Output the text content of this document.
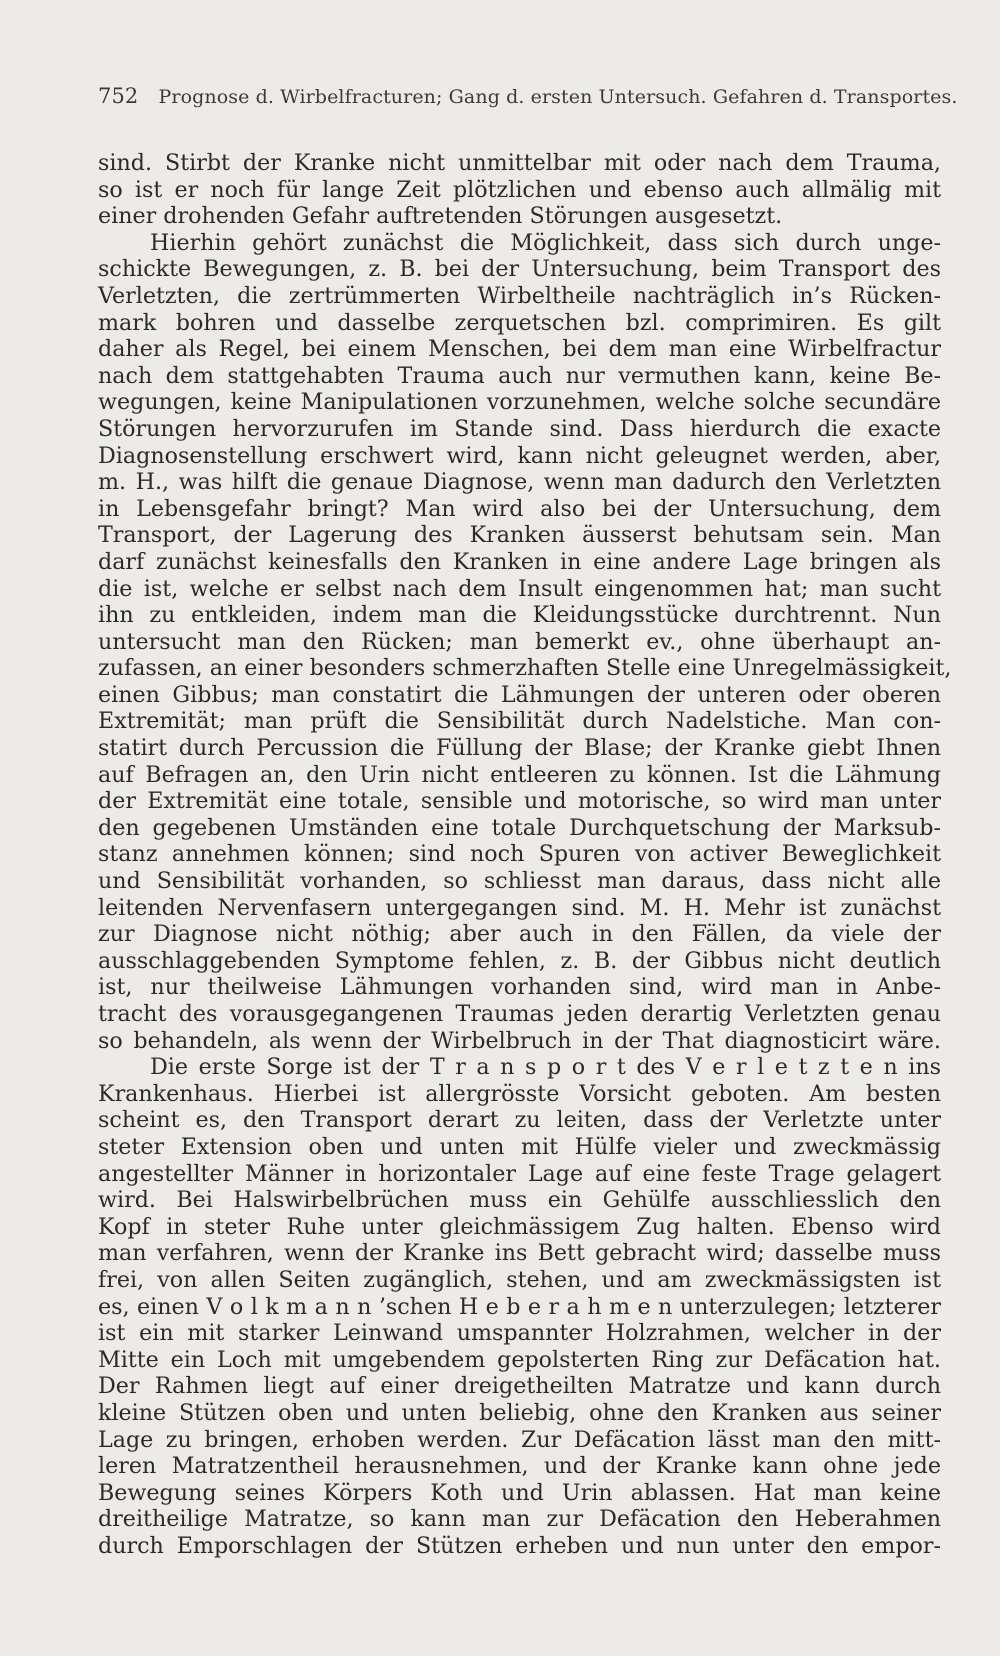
752 Prognose d. Wirbelfracturen; Gang d. ersten Untersuch. Gefahren d. Transportes.
sind. Stirbt der Kranke nicht unmittelbar mit oder nach dem Trauma,
so ist er noch für lange Zeit plötzlichen und ebenso auch allmälig mit
einer drohenden Gefahr auftretenden Störungen ausgesetzt.
Hierhin gehört zunächst die Möglichkeit, dass sich durch unge-
schickte Bewegungen, z. B. bei der Untersuchung, beim Transport des
Verletzten, die zertrümmerten Wirbeltheile nachträglich in’s Rücken-
mark bohren und dasselbe zerquetschen bzl. comprimiren. Es gilt
daher als Regel, bei einem Menschen, bei dem man eine Wirbelfractur
nach dem stattgehabten Trauma auch nur vermuthen kann, keine Be-
wegungen, keine Manipulationen vorzunehmen, welche solche secundäre
Störungen hervorzurufen im Stande sind. Dass hierdurch die exacte
Diagnosenstellung erschwert wird, kann nicht geleugnet werden, aber,
m. H., was hilft die genaue Diagnose, wenn man dadurch den Verletzten
in Lebensgefahr bringt? Man wird also bei der Untersuchung, dem
Transport, der Lagerung des Kranken äusserst behutsam sein. Man
darf zunächst keinesfalls den Kranken in eine andere Lage bringen als
die ist, welche er selbst nach dem Insult eingenommen hat; man sucht
ihn zu entkleiden, indem man die Kleidungsstücke durchtrennt. Nun
untersucht man den Rücken; man bemerkt ev., ohne überhaupt an-
zufassen, an einer besonders schmerzhaften Stelle eine Unregelmässigkeit,
einen Gibbus; man constatirt die Lähmungen der unteren oder oberen
Extremität; man prüft die Sensibilität durch Nadelstiche. Man con-
statirt durch Percussion die Füllung der Blase; der Kranke giebt Ihnen
auf Befragen an, den Urin nicht entleeren zu können. Ist die Lähmung
der Extremität eine totale, sensible und motorische, so wird man unter
den gegebenen Umständen eine totale Durchquetschung der Marksub-
stanz annehmen können; sind noch Spuren von activer Beweglichkeit
und Sensibilität vorhanden, so schliesst man daraus, dass nicht alle
leitenden Nervenfasern untergegangen sind. M. H. Mehr ist zunächst
zur Diagnose nicht nöthig; aber auch in den Fällen, da viele der
ausschlaggebenden Symptome fehlen, z. B. der Gibbus nicht deutlich
ist, nur theilweise Lähmungen vorhanden sind, wird man in Anbe-
tracht des vorausgegangenen Traumas jeden derartig Verletzten genau
so behandeln, als wenn der Wirbelbruch in der That diagnosticirt wäre.
Die erste Sorge ist der T r a n s p o r t des V e r l e t z t e n ins
Krankenhaus. Hierbei ist allergrösste Vorsicht geboten. Am besten
scheint es, den Transport derart zu leiten, dass der Verletzte unter
steter Extension oben und unten mit Hülfe vieler und zweckmässig
angestellter Männer in horizontaler Lage auf eine feste Trage gelagert
wird. Bei Halswirbelbrüchen muss ein Gehülfe ausschliesslich den
Kopf in steter Ruhe unter gleichmässigem Zug halten. Ebenso wird
man verfahren, wenn der Kranke ins Bett gebracht wird; dasselbe muss
frei, von allen Seiten zugänglich, stehen, und am zweckmässigsten ist
es, einen V o l k m a n n ’schen H e b e r a h m e n unterzulegen; letzterer
ist ein mit starker Leinwand umspannter Holzrahmen, welcher in der
Mitte ein Loch mit umgebendem gepolsterten Ring zur Defäcation hat.
Der Rahmen liegt auf einer dreigetheilten Matratze und kann durch
kleine Stützen oben und unten beliebig, ohne den Kranken aus seiner
Lage zu bringen, erhoben werden. Zur Defäcation lässt man den mitt-
leren Matratzentheil herausnehmen, und der Kranke kann ohne jede
Bewegung seines Körpers Koth und Urin ablassen. Hat man keine
dreitheilige Matratze, so kann man zur Defäcation den Heberahmen
durch Emporschlagen der Stützen erheben und nun unter den empor-
